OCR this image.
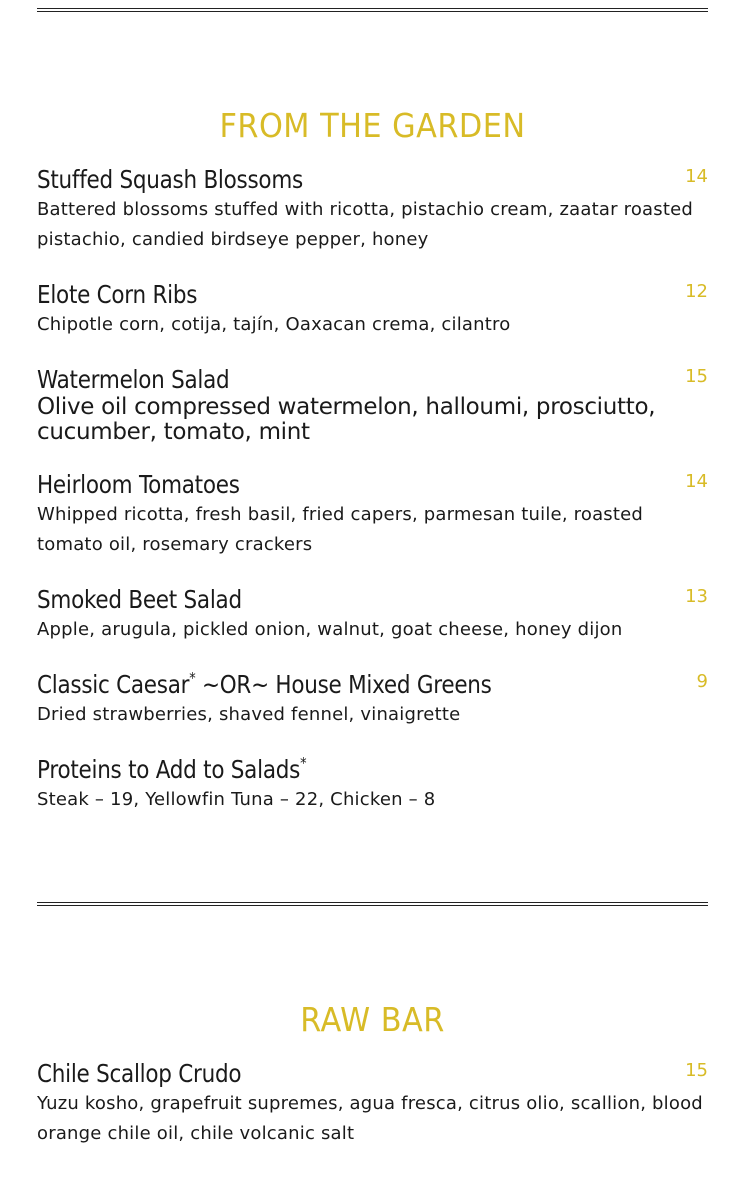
FROM THE GARDEN
Stuffed Squash Blossoms	14
Battered blossoms stuffed with ricotta, pistachio cream, zaatar roasted pistachio, candied birdseye pepper, honey
Elote Corn Ribs	12
Chipotle corn, cotija, tajín, Oaxacan crema, cilantro
Watermelon Salad	15
Olive oil compressed watermelon, halloumi, prosciutto, cucumber, tomato, mint
Heirloom Tomatoes	14
Whipped ricotta, fresh basil, fried capers, parmesan tuile, roasted tomato oil, rosemary crackers
Smoked Beet Salad	13
Apple, arugula, pickled onion, walnut, goat cheese, honey dijon
Classic Caesar* ~OR~ House Mixed Greens	9
Dried strawberries, shaved fennel, vinaigrette
Proteins to Add to Salads*
Steak – 19, Yellowfin Tuna – 22, Chicken – 8
RAW BAR
Chile Scallop Crudo	15
Yuzu kosho, grapefruit supremes, agua fresca, citrus olio, scallion, blood orange chile oil, chile volcanic salt
